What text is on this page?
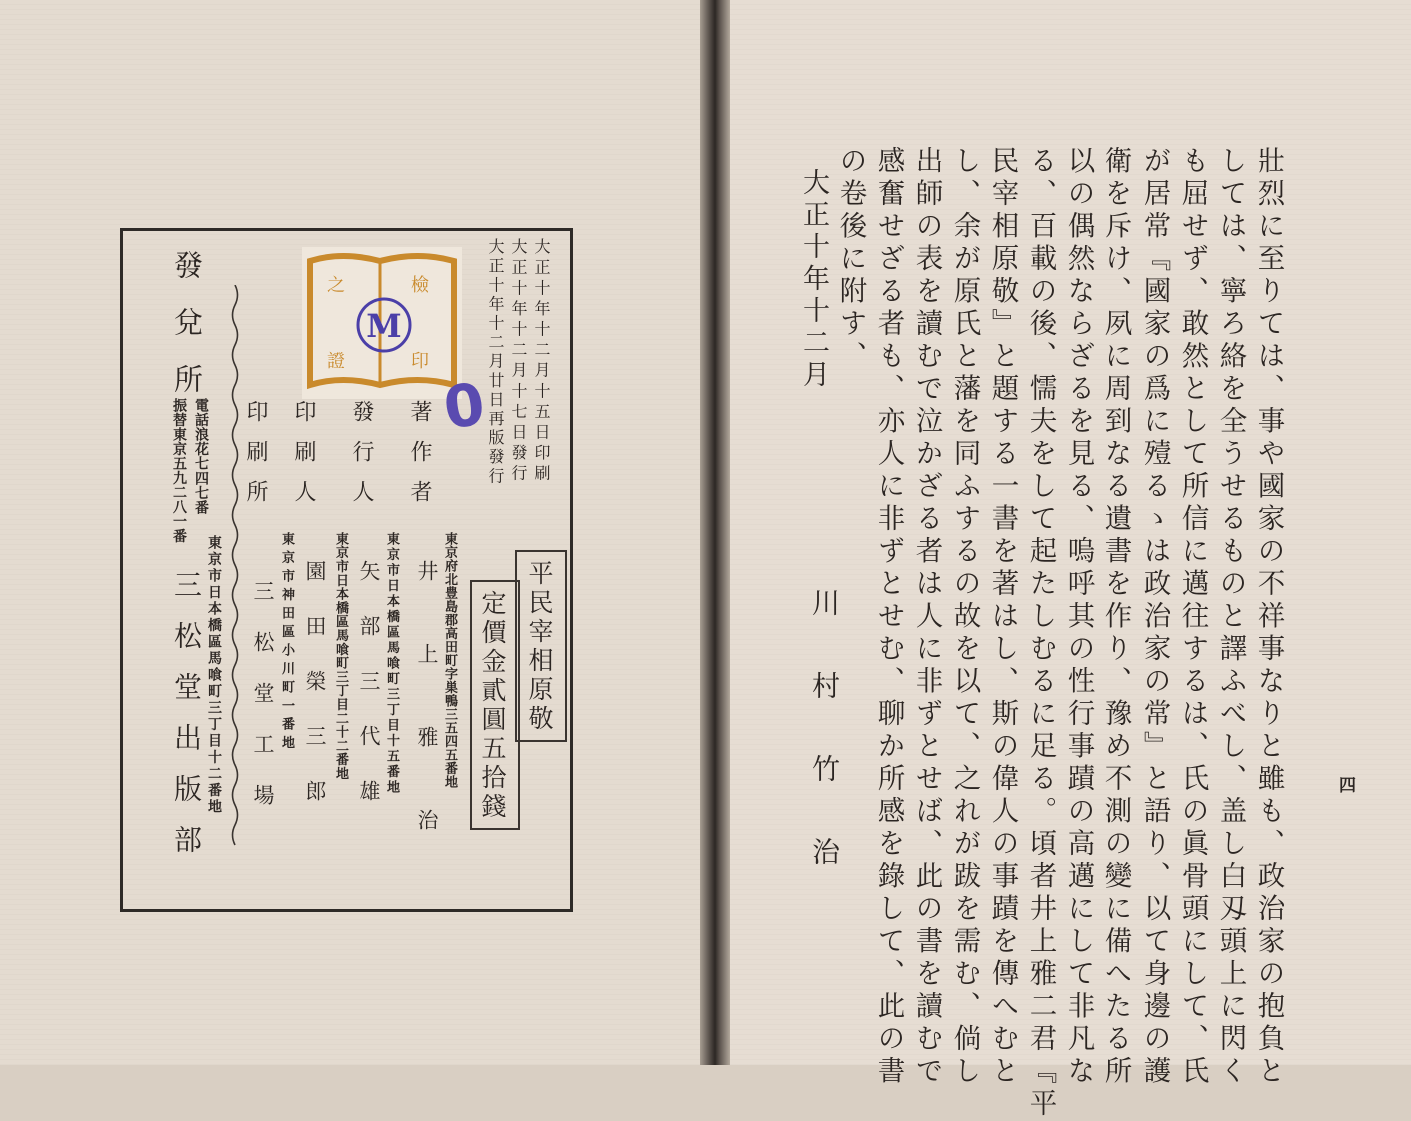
大正十年十二月十五日印刷
大正十年十二月十七日發行
大正十年十二月廿日再版發行
檢
印
證
之
M
0
平民宰相原敬
定價金貳圓五拾錢
著作者
發行人
印刷人
印刷所
東京府北豊島郡高田町字巣鴨三五四五番地
東京市日本橋區馬喰町三丁目十五番地
東京市日本橋區馬喰町三丁目二十二番地
東京市神田區小川町一番地	井上雅治
矢部三代雄
園田榮三郎
三松堂工場
發兌所
電話浪花七四七番
振替東京五九二八一番
三松堂出版部 東京市日本橋區馬喰町三丁目十二番地	四
壯烈に至りては、事や國家の不祥事なりと雖も、政治家の抱負と
しては、寧ろ絡を全うせるものと譯ふべし、盖し白刄頭上に閃く
も屈せず、敢然として所信に邁往するは、氏の眞骨頭にして、氏
が居常『國家の爲に殪るゝは政治家の常』と語り、以て身邊の護
衛を斥け、夙に周到なる遺書を作り、豫め不測の變に備へたる所
以の偶然ならざるを見る、嗚呼其の性行事蹟の高邁にして非凡な
る、百載の後、懦夫をして起たしむるに足る。頃者井上雅二君『平
民宰相原敬』と題する一書を著はし、斯の偉人の事蹟を傳へむと
し、余が原氏と藩を同ふするの故を以て、之れが跋を需む、倘し
出師の表を讀むで泣かざる者は人に非ずとせば、此の書を讀むで
感奮せざる者も、亦人に非ずとせむ、聊か所感を錄して、此の書
の卷後に附す、
大正十年十二月
川村竹治
